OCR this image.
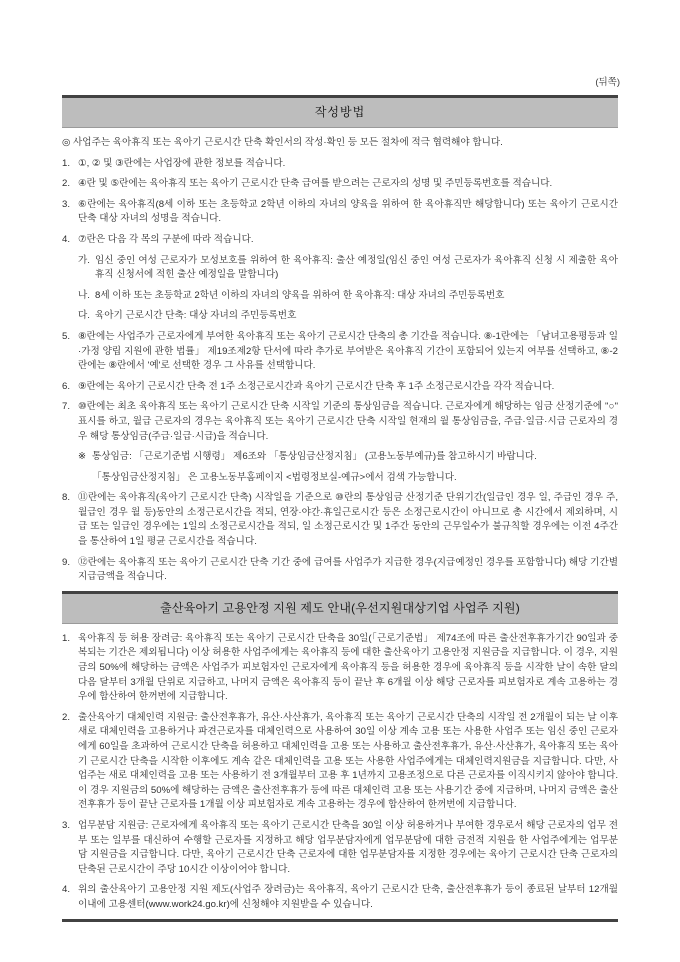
(뒤쪽)
작성방법

◎ 사업주는 육아휴직 또는 육아기 근로시간 단축 확인서의 작성·확인 등 모든 절차에 적극 협력해야 합니다.

1. ①, ② 및 ③란에는 사업장에 관한 정보를 적습니다.

2. ④란 및 ⑤란에는 육아휴직 또는 육아기 근로시간 단축 급여를 받으려는 근로자의 성명 및 주민등록번호를 적습니다.

3. ⑥란에는 육아휴직(8세 이하 또는 초등학교 2학년 이하의 자녀의 양육을 위하여 한 육아휴직만 해당합니다) 또는 육아기 근로시간 단축 대상 자녀의 성명을 적습니다.

4. ⑦란은 다음 각 목의 구분에 따라 적습니다.

가. 임신 중인 여성 근로자가 모성보호를 위하여 한 육아휴직: 출산 예정일(임신 중인 여성 근로자가 육아휴직 신청 시 제출한 육아휴직 신청서에 적힌 출산 예정일을 말합니다)

나. 8세 이하 또는 초등학교 2학년 이하의 자녀의 양육을 위하여 한 육아휴직: 대상 자녀의 주민등록번호

다. 육아기 근로시간 단축: 대상 자녀의 주민등록번호

5. ⑧란에는 사업주가 근로자에게 부여한 육아휴직 또는 육아기 근로시간 단축의 총 기간을 적습니다. ⑧-1란에는 「남녀고용평등과 일·가정 양립 지원에 관한 법률」 제19조제2항 단서에 따라 추가로 부여받은 육아휴직 기간이 포함되어 있는지 여부를 선택하고, ⑧-2란에는 ⑧란에서 '예'로 선택한 경우 그 사유를 선택합니다.

6. ⑨란에는 육아기 근로시간 단축 전 1주 소정근로시간과 육아기 근로시간 단축 후 1주 소정근로시간을 각각 적습니다.

7. ⑩란에는 최초 육아휴직 또는 육아기 근로시간 단축 시작일 기준의 통상임금을 적습니다. 근로자에게 해당하는 임금 산정기준에 "○" 표시를 하고, 월급 근로자의 경우는 육아휴직 또는 육아기 근로시간 단축 시작일 현재의 월 통상임금을, 주급·일급·시급 근로자의 경우 해당 통상임금(주급·일급·시급)을 적습니다.

※ 통상임금: 「근로기준법 시행령」 제6조와 「통상임금산정지침」 (고용노동부예규)를 참고하시기 바랍니다.

「통상임금산정지침」 은 고용노동부홈페이지 <법령정보실-예규>에서 검색 가능합니다.

8. ⑪란에는 육아휴직(육아기 근로시간 단축) 시작일을 기준으로 ⑩란의 통상임금 산정기준 단위기간(일급인 경우 일, 주급인 경우 주, 월급인 경우 월 등)동안의 소정근로시간을 적되, 연장·야간·휴일근로시간 등은 소정근로시간이 아니므로 총 시간에서 제외하며, 시급 또는 일급인 경우에는 1일의 소정근로시간을 적되, 일 소정근로시간 및 1주간 동안의 근무일수가 불규칙할 경우에는 이전 4주간을 통산하여 1일 평균 근로시간을 적습니다.

9. ⑫란에는 육아휴직 또는 육아기 근로시간 단축 기간 중에 급여를 사업주가 지급한 경우(지급예정인 경우를 포함합니다) 해당 기간별 지급금액을 적습니다.

출산육아기 고용안정 지원 제도 안내(우선지원대상기업 사업주 지원)

1. 육아휴직 등 허용 장려금: 육아휴직 또는 육아기 근로시간 단축을 30일(「근로기준법」 제74조에 따른 출산전후휴가기간 90일과 중복되는 기간은 제외됩니다) 이상 허용한 사업주에게는 육아휴직 등에 대한 출산육아기 고용안정 지원금을 지급합니다. 이 경우, 지원금의 50%에 해당하는 금액은 사업주가 피보험자인 근로자에게 육아휴직 등을 허용한 경우에 육아휴직 등을 시작한 날이 속한 달의 다음 달부터 3개월 단위로 지급하고, 나머지 금액은 육아휴직 등이 끝난 후 6개월 이상 해당 근로자를 피보험자로 계속 고용하는 경우에 합산하여 한꺼번에 지급합니다.

2. 출산육아기 대체인력 지원금: 출산전후휴가, 유산·사산휴가, 육아휴직 또는 육아기 근로시간 단축의 시작일 전 2개월이 되는 날 이후 새로 대체인력을 고용하거나 파견근로자를 대체인력으로 사용하여 30일 이상 계속 고용 또는 사용한 사업주 또는 임신 중인 근로자에게 60일을 초과하여 근로시간 단축을 허용하고 대체인력을 고용 또는 사용하고 출산전후휴가, 유산·사산휴가, 육아휴직 또는 육아기 근로시간 단축을 시작한 이후에도 계속 같은 대체인력을 고용 또는 사용한 사업주에게는 대체인력지원금을 지급합니다. 다만, 사업주는 새로 대체인력을 고용 또는 사용하기 전 3개월부터 고용 후 1년까지 고용조정으로 다른 근로자를 이직시키지 않아야 합니다. 이 경우 지원금의 50%에 해당하는 금액은 출산전후휴가 등에 따른 대체인력 고용 또는 사용기간 중에 지급하며, 나머지 금액은 출산전후휴가 등이 끝난 근로자를 1개월 이상 피보험자로 계속 고용하는 경우에 합산하여 한꺼번에 지급합니다.

3. 업무분담 지원금: 근로자에게 육아휴직 또는 육아기 근로시간 단축을 30일 이상 허용하거나 부여한 경우로서 해당 근로자의 업무 전부 또는 일부를 대신하여 수행할 근로자를 지정하고 해당 업무분담자에게 업무분담에 대한 금전적 지원을 한 사업주에게는 업무분담 지원금을 지급합니다. 다만, 육아기 근로시간 단축 근로자에 대한 업무분담자를 지정한 경우에는 육아기 근로시간 단축 근로자의 단축된 근로시간이 주당 10시간 이상이어야 합니다.

4. 위의 출산육아기 고용안정 지원 제도(사업주 장려금)는 육아휴직, 육아기 근로시간 단축, 출산전후휴가 등이 종료된 날부터 12개월 이내에 고용센터(www.work24.go.kr)에 신청해야 지원받을 수 있습니다.
